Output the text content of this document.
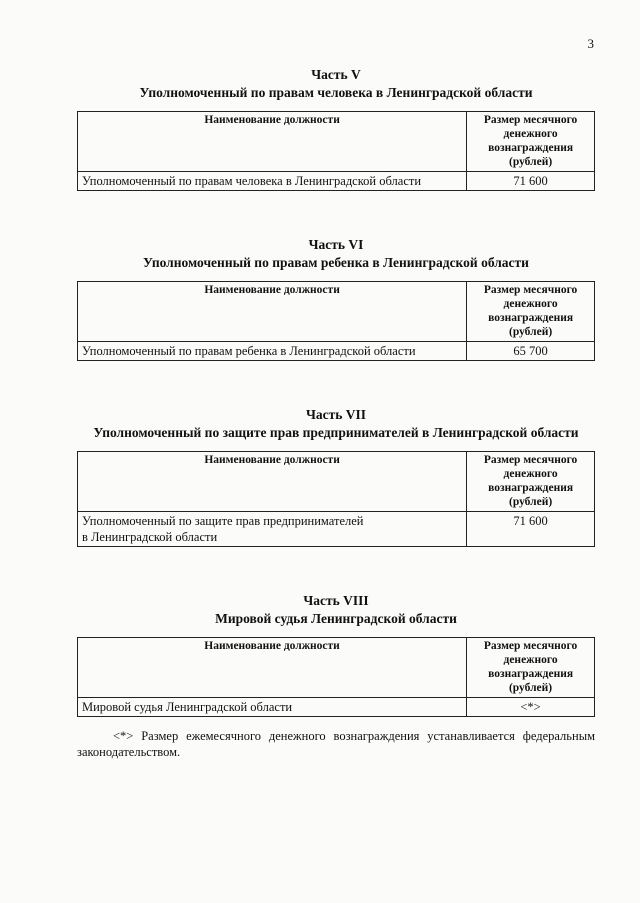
3
Часть V
Уполномоченный по правам человека в Ленинградской области
Наименование должности	Размер месячного денежного вознаграждения (рублей)
Уполномоченный по правам человека в Ленинградской области	71 600
Часть VI
Уполномоченный по правам ребенка в Ленинградской области
Наименование должности	Размер месячного денежного вознаграждения (рублей)
Уполномоченный по правам ребенка в Ленинградской области	65 700
Часть VII
Уполномоченный по защите прав предпринимателей в Ленинградской области
Наименование должности	Размер месячного денежного вознаграждения (рублей)

Уполномоченный по защите прав предпринимателей
в Ленинградской области	71 600
Часть VIII
Мировой судья Ленинградской области
Наименование должности	Размер месячного денежного вознаграждения (рублей)
Мировой судья Ленинградской области	<*>
<*> Размер ежемесячного денежного вознаграждения устанавливается федеральным законодательством.
